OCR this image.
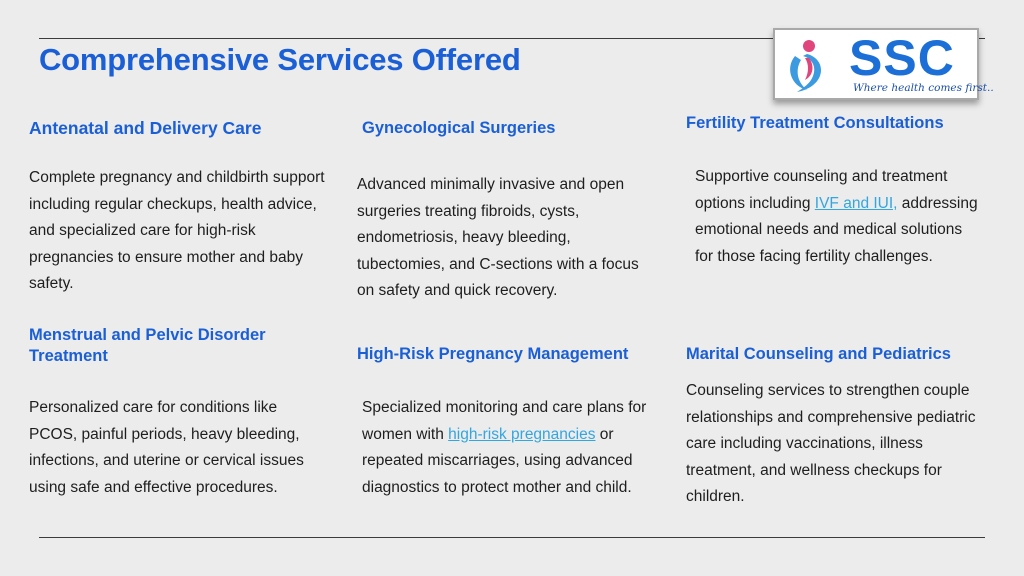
Comprehensive Services Offered	SSC
Where health comes first..
Antenatal and Delivery Care

Complete pregnancy and childbirth support including regular checkups, health advice, and specialized care for high-risk pregnancies to ensure mother and baby safety.

Gynecological Surgeries

Advanced minimally invasive and open surgeries treating fibroids, cysts, endometriosis, heavy bleeding, tubectomies, and C-sections with a focus on safety and quick recovery.

Fertility Treatment Consultations

Supportive counseling and treatment options including IVF and IUI, addressing emotional needs and medical solutions for those facing fertility challenges.

Menstrual and Pelvic Disorder Treatment

Personalized care for conditions like PCOS, painful periods, heavy bleeding, infections, and uterine or cervical issues using safe and effective procedures.

High-Risk Pregnancy Management

Specialized monitoring and care plans for women with high-risk pregnancies or repeated miscarriages, using advanced diagnostics to protect mother and child.

Marital Counseling and Pediatrics

Counseling services to strengthen couple relationships and comprehensive pediatric care including vaccinations, illness treatment, and wellness checkups for children.
